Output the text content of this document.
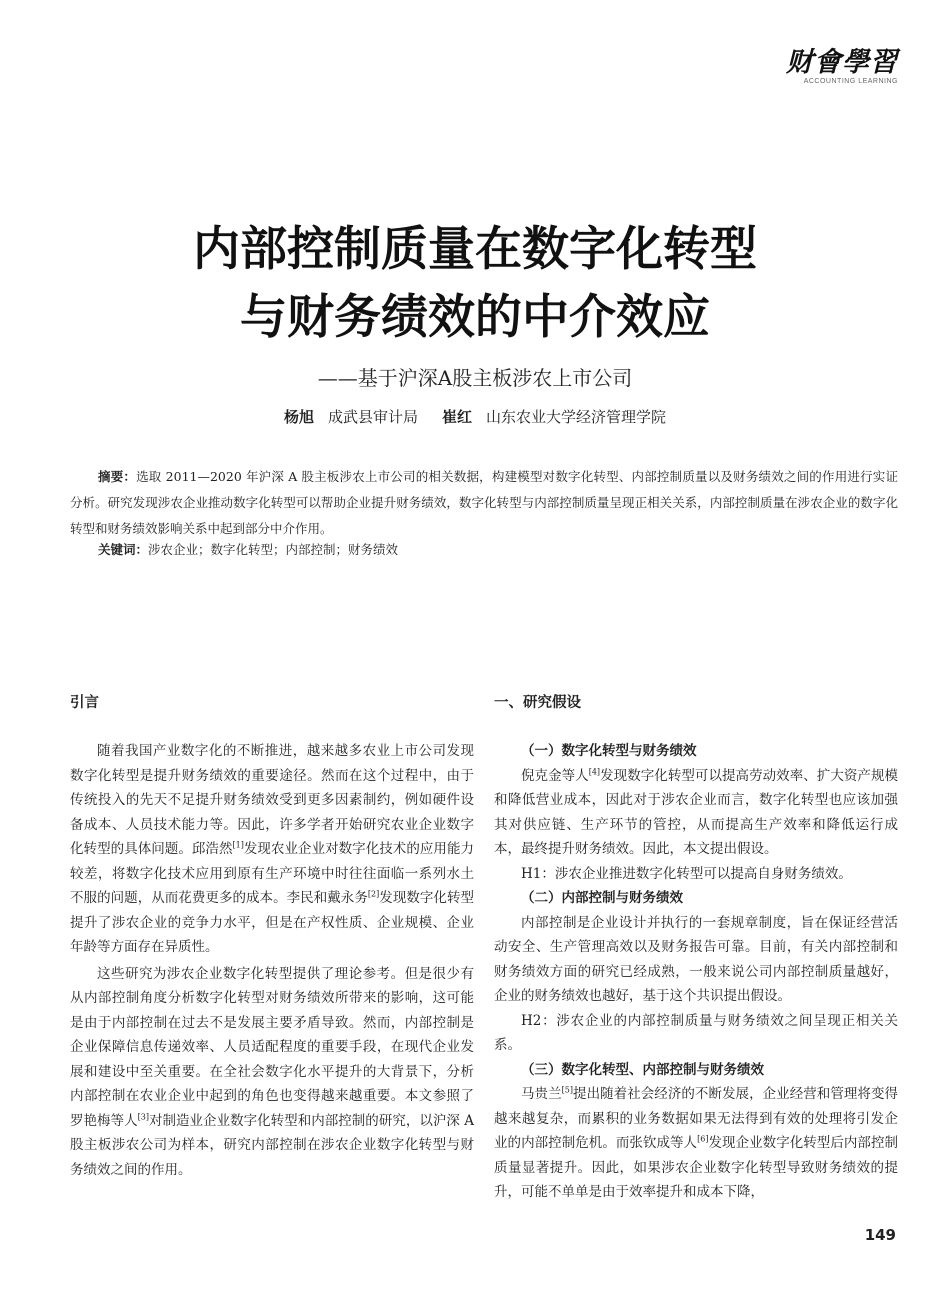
财會學習
ACCOUNTING LEARNING
内部控制质量在数字化转型
与财务绩效的中介效应
——基于沪深A股主板涉农上市公司
杨旭 成武县审计局 崔红 山东农业大学经济管理学院
摘要：选取 2011—2020 年沪深 A 股主板涉农上市公司的相关数据，构建模型对数字化转型、内部控制质量以及财务绩效之间的作用进行实证分析。研究发现涉农企业推动数字化转型可以帮助企业提升财务绩效，数字化转型与内部控制质量呈现正相关关系，内部控制质量在涉农企业的数字化转型和财务绩效影响关系中起到部分中介作用。
关键词：涉农企业；数字化转型；内部控制；财务绩效
引言	一、研究假设

随着我国产业数字化的不断推进，越来越多农业上市公司发现数字化转型是提升财务绩效的重要途径。然而在这个过程中，由于传统投入的先天不足提升财务绩效受到更多因素制约，例如硬件设备成本、人员技术能力等。因此，许多学者开始研究农业企业数字化转型的具体问题。邱浩然[1]发现农业企业对数字化技术的应用能力较差，将数字化技术应用到原有生产环境中时往往面临一系列水土不服的问题，从而花费更多的成本。李民和戴永务[2]发现数字化转型提升了涉农企业的竞争力水平，但是在产权性质、企业规模、企业年龄等方面存在异质性。

这些研究为涉农企业数字化转型提供了理论参考。但是很少有从内部控制角度分析数字化转型对财务绩效所带来的影响，这可能是由于内部控制在过去不是发展主要矛盾导致。然而，内部控制是企业保障信息传递效率、人员适配程度的重要手段，在现代企业发展和建设中至关重要。在全社会数字化水平提升的大背景下，分析内部控制在农业企业中起到的角色也变得越来越重要。本文参照了罗艳梅等人[3]对制造业企业数字化转型和内部控制的研究，以沪深 A 股主板涉农公司为样本，研究内部控制在涉农企业数字化转型与财务绩效之间的作用。

（一）数字化转型与财务绩效

倪克金等人[4]发现数字化转型可以提高劳动效率、扩大资产规模和降低营业成本，因此对于涉农企业而言，数字化转型也应该加强其对供应链、生产环节的管控，从而提高生产效率和降低运行成本，最终提升财务绩效。因此，本文提出假设。

H1：涉农企业推进数字化转型可以提高自身财务绩效。

（二）内部控制与财务绩效

内部控制是企业设计并执行的一套规章制度，旨在保证经营活动安全、生产管理高效以及财务报告可靠。目前，有关内部控制和财务绩效方面的研究已经成熟，一般来说公司内部控制质量越好，企业的财务绩效也越好，基于这个共识提出假设。

H2：涉农企业的内部控制质量与财务绩效之间呈现正相关关系。

（三）数字化转型、内部控制与财务绩效

马贵兰[5]提出随着社会经济的不断发展，企业经营和管理将变得越来越复杂，而累积的业务数据如果无法得到有效的处理将引发企业的内部控制危机。而张钦成等人[6]发现企业数字化转型后内部控制质量显著提升。因此，如果涉农企业数字化转型导致财务绩效的提升，可能不单单是由于效率提升和成本下降，

149
